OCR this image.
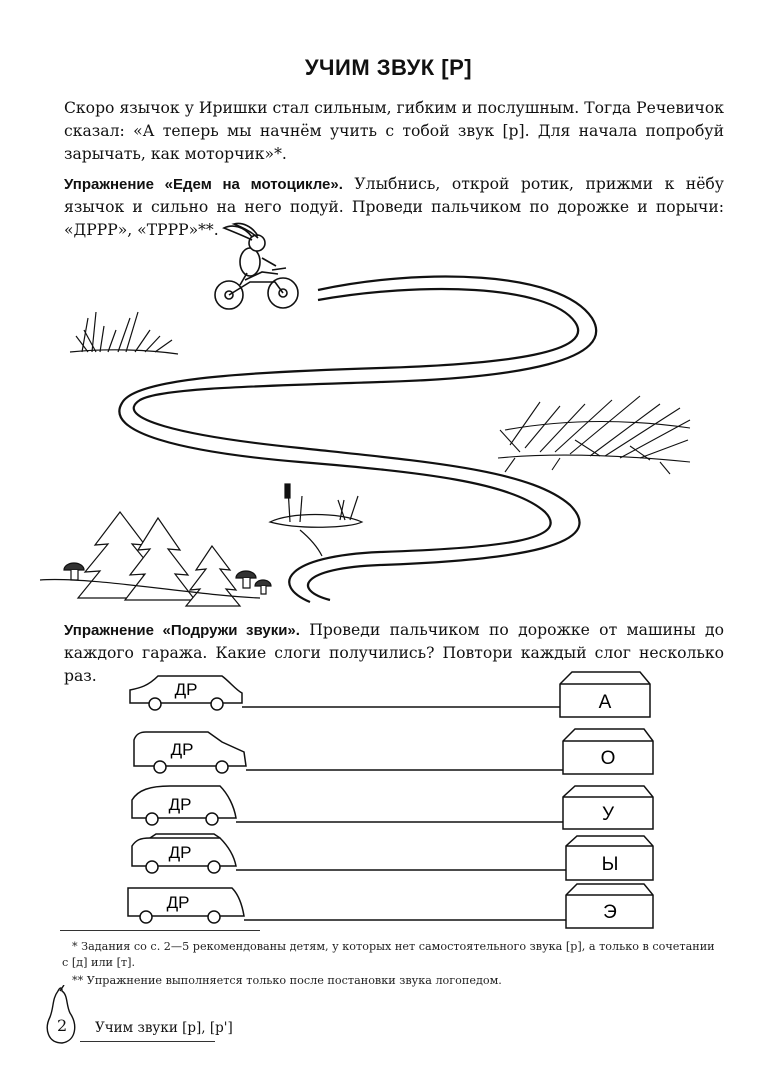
УЧИМ ЗВУК [Р]
Скоро язычок у Иришки стал сильным, гибким и послушным. Тогда Речевичок сказал: «А теперь мы начнём учить с тобой звук [р]. Для начала попробуй зарычать, как моторчик»*.
Упражнение «Едем на мотоцикле». Улыбнись, открой ротик, прижми к нёбу язычок и сильно на него подуй. Проведи пальчиком по дорожке и порычи: «ДРРР», «ТРРР»**.
Упражнение «Подружи звуки». Проведи пальчиком по дорожке от машины до каждого гаража. Какие слоги получились? Повтори каждый слог несколько раз.
ДР
ДР
ДР
ДР
ДР
А
О
У
Ы
Э
* Задания со с. 2—5 рекомендованы детям, у которых нет самостоятельного звука [р], а только в сочетании с [д] или [т].
** Упражнение выполняется только после постановки звука логопедом.
2 Учим звуки [р], [р']
